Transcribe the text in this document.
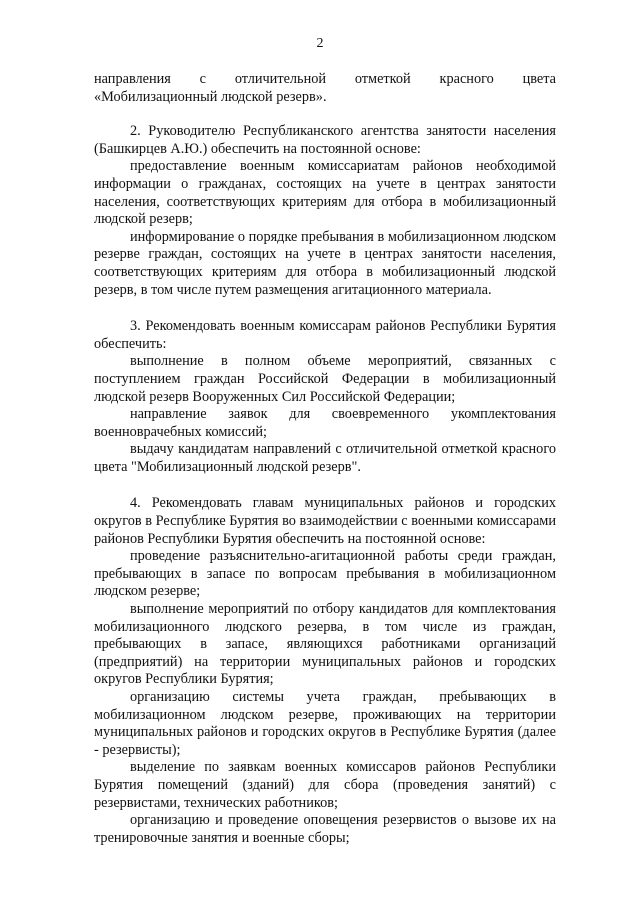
2

направления с отличительной отметкой красного цвета «Мобилизационный людской резерв».

2. Руководителю Республиканского агентства занятости населения (Башкирцев А.Ю.) обеспечить на постоянной основе:

предоставление военным комиссариатам районов необходимой информации о гражданах, состоящих на учете в центрах занятости населения, соответствующих критериям для отбора в мобилизационный людской резерв;

информирование о порядке пребывания в мобилизационном людском резерве граждан, состоящих на учете в центрах занятости населения, соответствующих критериям для отбора в мобилизационный людской резерв, в том числе путем размещения агитационного материала.

3. Рекомендовать военным комиссарам районов Республики Бурятия обеспечить:

выполнение в полном объеме мероприятий, связанных с поступлением граждан Российской Федерации в мобилизационный людской резерв Вооруженных Сил Российской Федерации;

направление заявок для своевременного укомплектования военноврачебных комиссий;

выдачу кандидатам направлений с отличительной отметкой красного цвета "Мобилизационный людской резерв".

4. Рекомендовать главам муниципальных районов и городских округов в Республике Бурятия во взаимодействии с военными комиссарами районов Республики Бурятия обеспечить на постоянной основе:

проведение разъяснительно-агитационной работы среди граждан, пребывающих в запасе по вопросам пребывания в мобилизационном людском резерве;

выполнение мероприятий по отбору кандидатов для комплектования мобилизационного людского резерва, в том числе из граждан, пребывающих в запасе, являющихся работниками организаций (предприятий) на территории муниципальных районов и городских округов Республики Бурятия;

организацию системы учета граждан, пребывающих в мобилизационном людском резерве, проживающих на территории муниципальных районов и городских округов в Республике Бурятия (далее - резервисты);

выделение по заявкам военных комиссаров районов Республики Бурятия помещений (зданий) для сбора (проведения занятий) с резервистами, технических работников;

организацию и проведение оповещения резервистов о вызове их на тренировочные занятия и военные сборы;
